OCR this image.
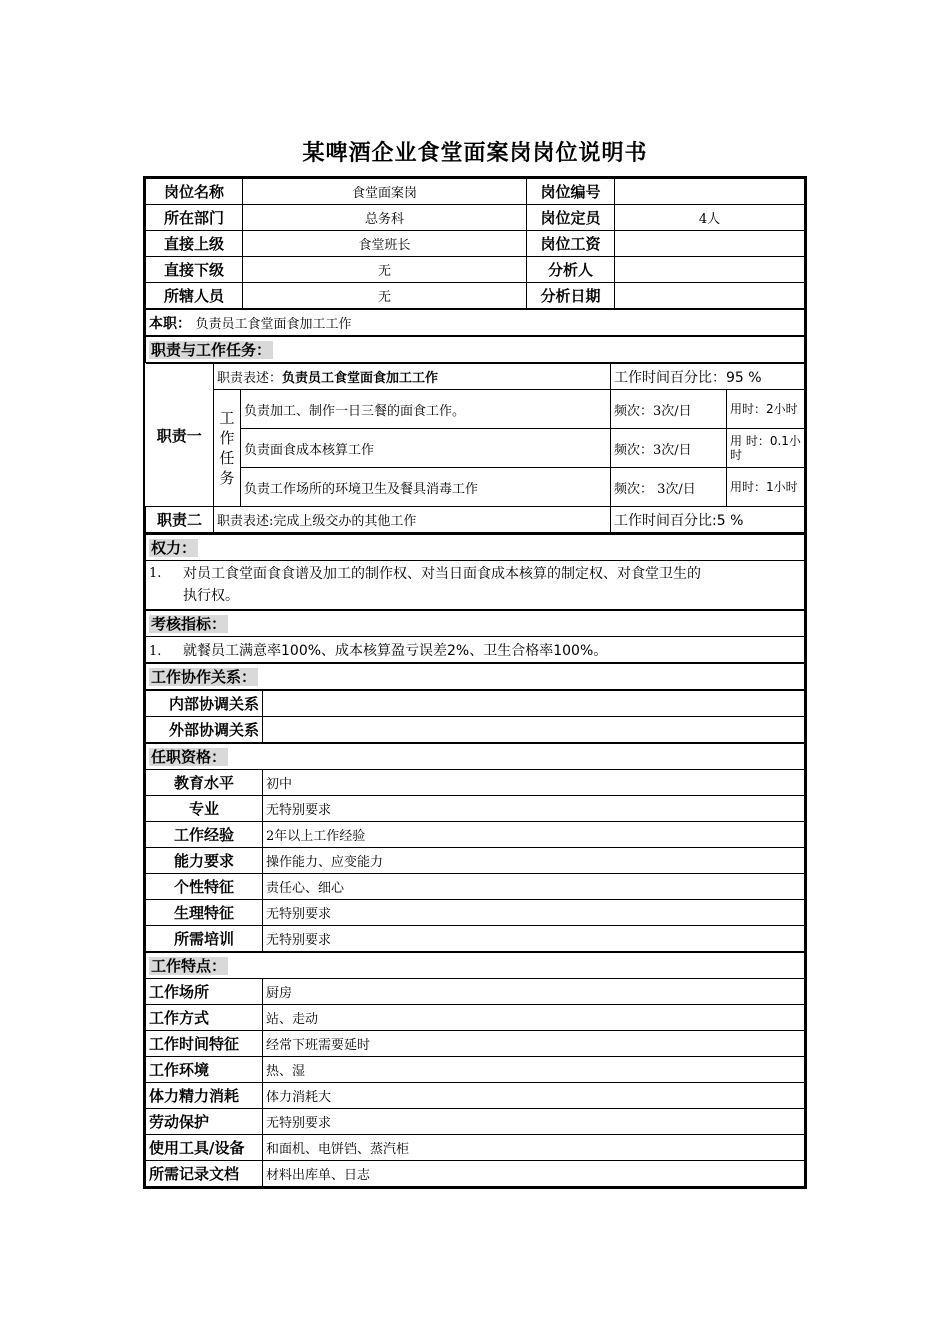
某啤酒企业食堂面案岗岗位说明书
岗位名称	食堂面案岗	岗位编号	
所在部门	总务科	岗位定员	4人
直接上级	食堂班长	岗位工资	
直接下级	无	分析人	
所辖人员	无	分析日期	
本职： 负责员工食堂面食加工工作			
职责与工作任务：			
职责一	职责表述：负责员工食堂面食加工工作		工作时间百分比：95 %	
	工作任务	负责加工、制作一日三餐的面食工作。	频次：3次/日	用时：2小时
		负责面食成本核算工作	频次：3次/日	用 时：0.1小时
		负责工作场所的环境卫生及餐具消毒工作	频次： 3次/日	用时：1小时
职责二	职责表述:完成上级交办的其他工作		工作时间百分比:5 %	
权力：

1.	对员工食堂面食食谱及加工的制作权、对当日面食成本核算的制定权、对食堂卫生的
执行权。

考核指标：
1. 就餐员工满意率100%、成本核算盈亏误差2%、卫生合格率100%。
工作协作关系：
内部协调关系	
外部协调关系	
任职资格：	
教育水平	初中
专业	无特别要求
工作经验	2年以上工作经验
能力要求	操作能力、应变能力
个性特征	责任心、细心
生理特征	无特别要求
所需培训	无特别要求
工作特点：	
工作场所	厨房
工作方式	站、走动
工作时间特征	经常下班需要延时
工作环境	热、湿
体力精力消耗	体力消耗大
劳动保护	无特别要求
使用工具/设备	和面机、电饼铛、蒸汽柜
所需记录文档	材料出库单、日志
